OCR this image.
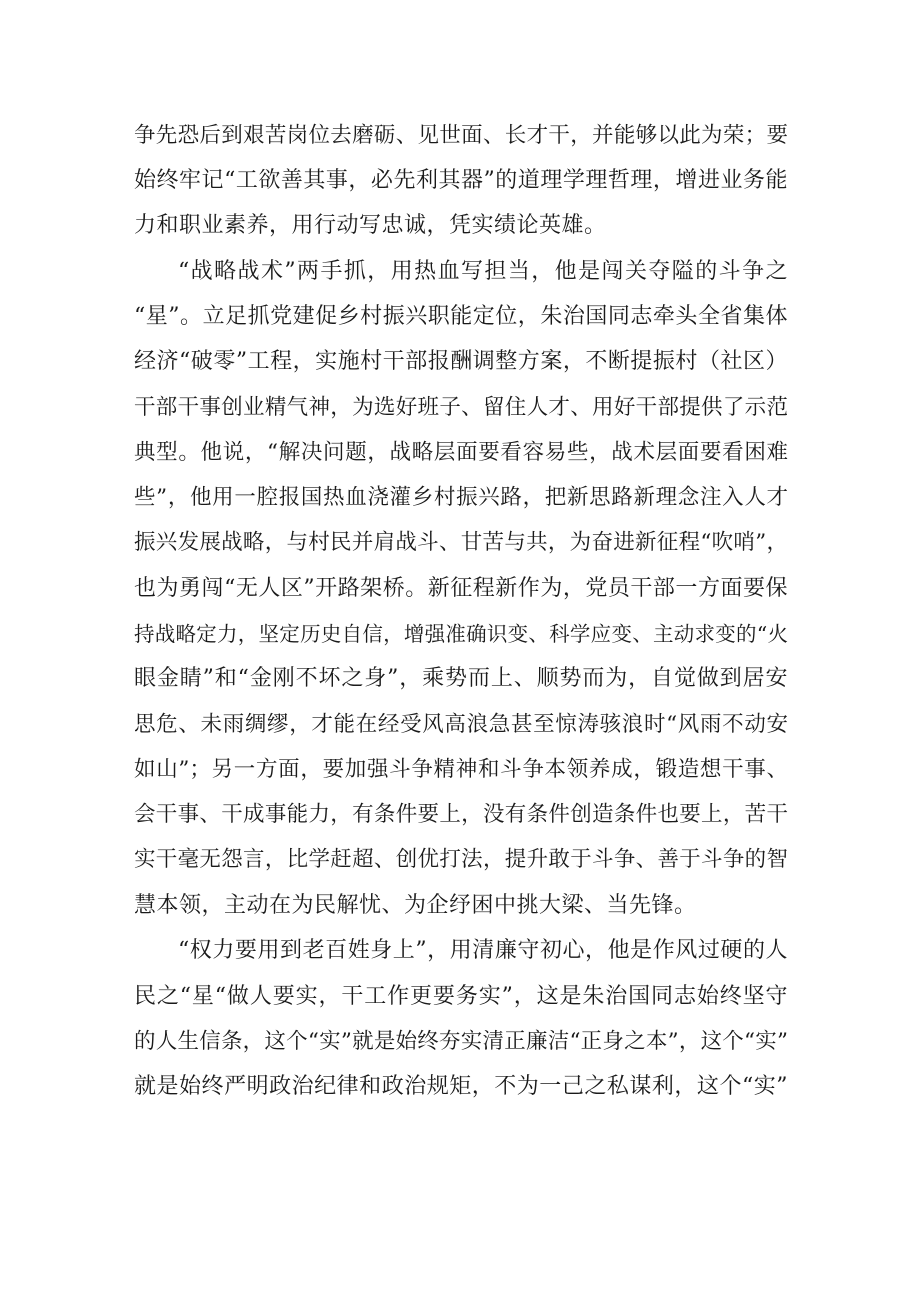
争先恐后到艰苦岗位去磨砺、见世面、长才干，并能够以此为荣；要
始终牢记“工欲善其事，必先利其器”的道理学理哲理，增进业务能
力和职业素养，用行动写忠诚，凭实绩论英雄。
“战略战术”两手抓，用热血写担当，他是闯关夺隘的斗争之
“星”。立足抓党建促乡村振兴职能定位，朱治国同志牵头全省集体
经济“破零”工程，实施村干部报酬调整方案，不断提振村（社区）
干部干事创业精气神，为选好班子、留住人才、用好干部提供了示范
典型。他说，“解决问题，战略层面要看容易些，战术层面要看困难
些”，他用一腔报国热血浇灌乡村振兴路，把新思路新理念注入人才
振兴发展战略，与村民并肩战斗、甘苦与共，为奋进新征程“吹哨”，
也为勇闯“无人区”开路架桥。新征程新作为，党员干部一方面要保
持战略定力，坚定历史自信，增强准确识变、科学应变、主动求变的“火
眼金睛”和“金刚不坏之身”，乘势而上、顺势而为，自觉做到居安
思危、未雨绸缪，才能在经受风高浪急甚至惊涛骇浪时“风雨不动安
如山”；另一方面，要加强斗争精神和斗争本领养成，锻造想干事、
会干事、干成事能力，有条件要上，没有条件创造条件也要上，苦干
实干毫无怨言，比学赶超、创优打法，提升敢于斗争、善于斗争的智
慧本领，主动在为民解忧、为企纾困中挑大梁、当先锋。
“权力要用到老百姓身上”，用清廉守初心，他是作风过硬的人
民之“星“做人要实，干工作更要务实”，这是朱治国同志始终坚守
的人生信条，这个“实”就是始终夯实清正廉洁“正身之本”，这个“实”
就是始终严明政治纪律和政治规矩，不为一己之私谋利，这个“实”
